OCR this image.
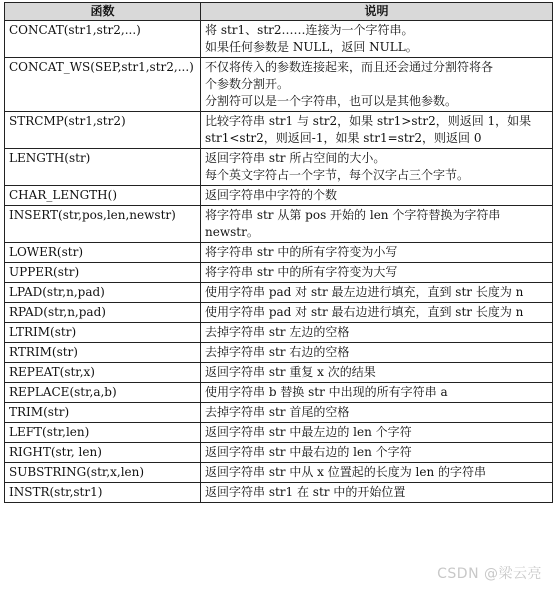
函数	说明
CONCAT(str1,str2,...)	将 str1、str2……连接为一个字符串。
如果任何参数是 NULL，返回 NULL。

CONCAT_WS(SEP,str1,str2,...)	不仅将传入的参数连接起来，而且还会通过分割符将各
个参数分割开。
分割符可以是一个字符串，也可以是其他参数。

STRCMP(str1,str2)	比较字符串 str1 与 str2，如果 str1>str2，则返回 1，如果
str1<str2，则返回-1，如果 str1=str2，则返回 0

LENGTH(str)	返回字符串 str 所占空间的大小。
每个英文字符占一个字节，每个汉字占三个字节。

CHAR_LENGTH()	返回字符串中字符的个数

INSERT(str,pos,len,newstr)	将字符串 str 从第 pos 开始的 len 个字符替换为字符串
newstr。

LOWER(str)	将字符串 str 中的所有字符变为小写

UPPER(str)	将字符串 str 中的所有字符变为大写

LPAD(str,n,pad)	使用字符串 pad 对 str 最左边进行填充，直到 str 长度为 n

RPAD(str,n,pad)	使用字符串 pad 对 str 最右边进行填充，直到 str 长度为 n

LTRIM(str)	去掉字符串 str 左边的空格

RTRIM(str)	去掉字符串 str 右边的空格

REPEAT(str,x)	返回字符串 str 重复 x 次的结果

REPLACE(str,a,b)	使用字符串 b 替换 str 中出现的所有字符串 a

TRIM(str)	去掉字符串 str 首尾的空格

LEFT(str,len)	返回字符串 str 中最左边的 len 个字符

RIGHT(str, len)	返回字符串 str 中最右边的 len 个字符

SUBSTRING(str,x,len)	返回字符串 str 中从 x 位置起的长度为 len 的字符串

INSTR(str,str1)	返回字符串 str1 在 str 中的开始位置
CSDN @梁云亮
